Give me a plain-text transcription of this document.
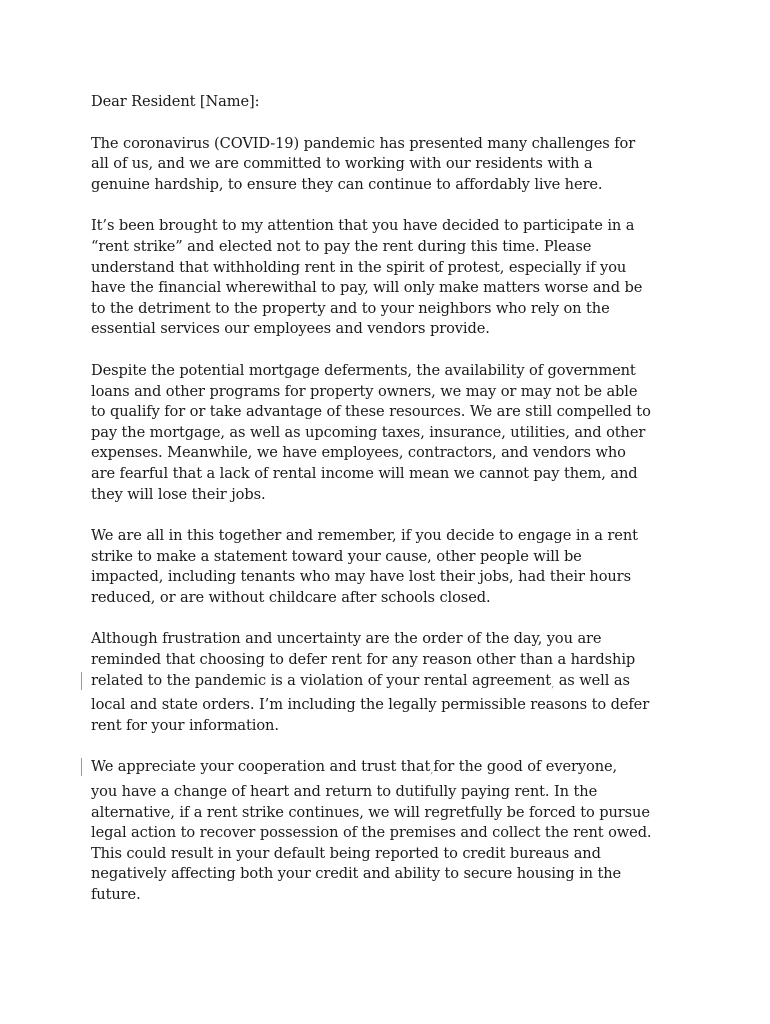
Dear Resident [Name]:

The coronavirus (COVID-19) pandemic has presented many challenges for
all of us, and we are committed to working with our residents with a
genuine hardship, to ensure they can continue to affordably live here.

It’s been brought to my attention that you have decided to participate in a
“rent strike” and elected not to pay the rent during this time. Please
understand that withholding rent in the spirit of protest, especially if you
have the financial wherewithal to pay, will only make matters worse and be
to the detriment to the property and to your neighbors who rely on the
essential services our employees and vendors provide.

Despite the potential mortgage deferments, the availability of government
loans and other programs for property owners, we may or may not be able
to qualify for or take advantage of these resources. We are still compelled to
pay the mortgage, as well as upcoming taxes, insurance, utilities, and other
expenses. Meanwhile, we have employees, contractors, and vendors who
are fearful that a lack of rental income will mean we cannot pay them, and
they will lose their jobs.

We are all in this together and remember, if you decide to engage in a rent
strike to make a statement toward your cause, other people will be
impacted, including tenants who may have lost their jobs, had their hours
reduced, or are without childcare after schools closed.

Although frustration and uncertainty are the order of the day, you are
reminded that choosing to defer rent for any reason other than a hardship
related to the pandemic is a violation of your rental agreement, as well as
local and state orders. I’m including the legally permissible reasons to defer
rent for your information.

We appreciate your cooperation and trust that,for the good of everyone,
you have a change of heart and return to dutifully paying rent. In the
alternative, if a rent strike continues, we will regretfully be forced to pursue
legal action to recover possession of the premises and collect the rent owed.
This could result in your default being reported to credit bureaus and
negatively affecting both your credit and ability to secure housing in the
future.
